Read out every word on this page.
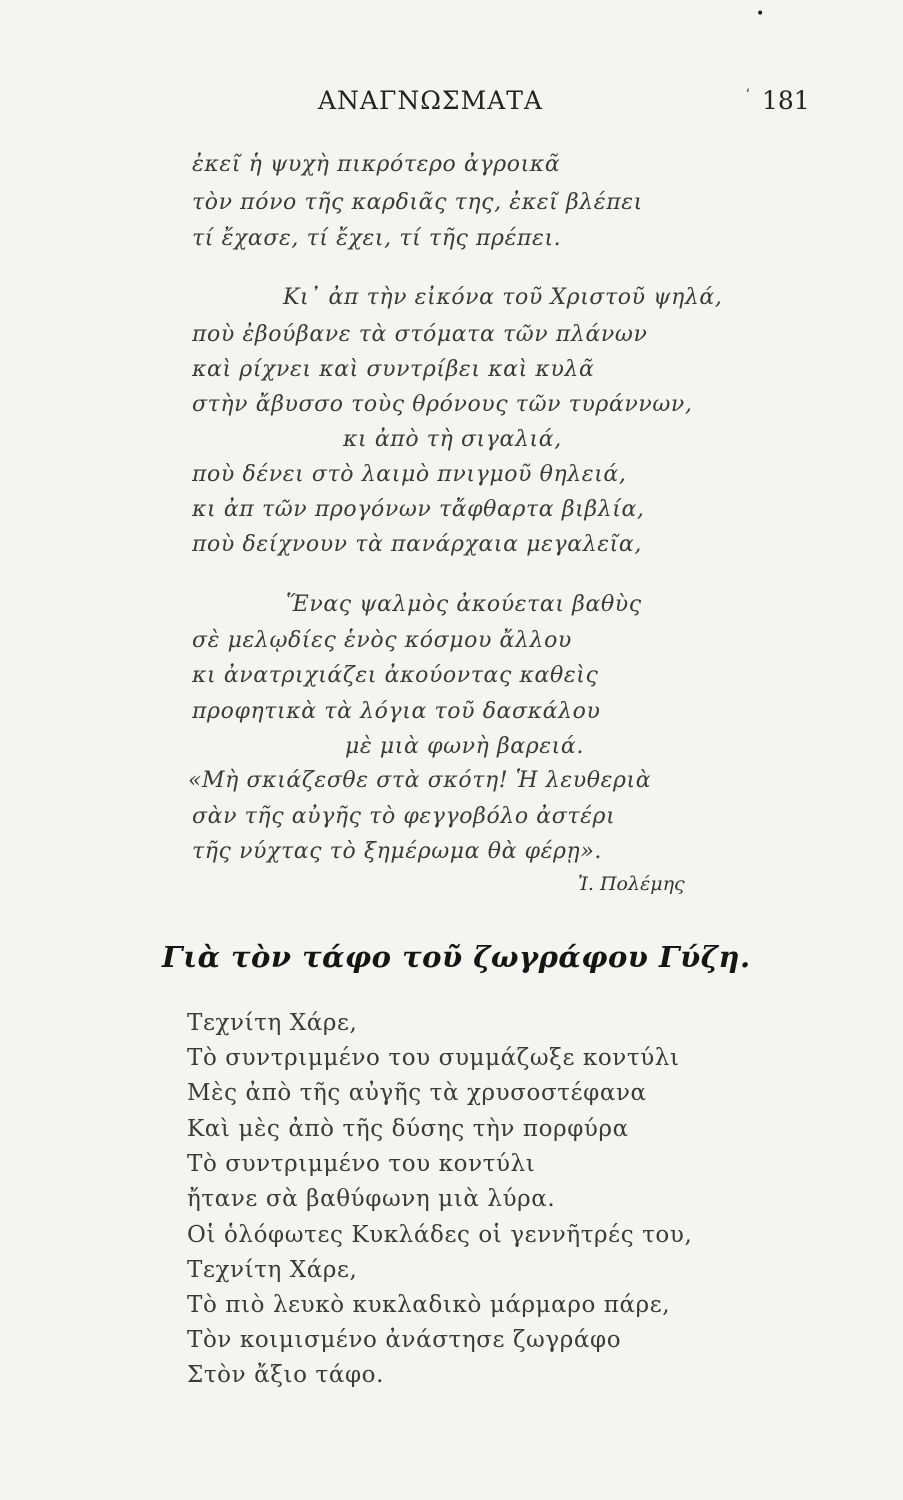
•
ΑΝΑΓΝΩΣΜΑΤΑ	ʹ 181
ἐκεῖ ἡ ψυχὴ πικρότερο ἀγροικᾶ
τὸν πόνο τῆς καρδιᾶς της, ἐκεῖ βλέπει
τί ἔχασε, τί ἔχει, τί τῆς πρέπει.
Κι᾽ ἀπ τὴν εἰκόνα τοῦ Χριστοῦ ψηλά,
ποὺ ἐβούβανε τὰ στόματα τῶν πλάνων
καὶ ρίχνει καὶ συντρίβει καὶ κυλᾶ
στὴν ἄβυσσο τοὺς θρόνους τῶν τυράννων,
κι ἀπὸ τὴ σιγαλιά,
ποὺ δένει στὸ λαιμὸ πνιγμοῦ θηλειά,
κι ἀπ τῶν προγόνων τἄφθαρτα βιβλία,
ποὺ δείχνουν τὰ πανάρχαια μεγαλεῖα,
Ἕνας ψαλμὸς ἀκούεται βαθὺς
σὲ μελῳδίες ἑνὸς κόσμου ἄλλου
κι ἀνατριχιάζει ἀκούοντας καθεὶς
προφητικὰ τὰ λόγια τοῦ δασκάλου
μὲ μιὰ φωνὴ βαρειά.
«Μὴ σκιάζεσθε στὰ σκότη! Ἡ λευθεριὰ
σὰν τῆς αὐγῆς τὸ φεγγοβόλο ἀστέρι
τῆς νύχτας τὸ ξημέρωμα θὰ φέρῃ».
Ἰ. Πολέμης
Γιὰ τὸν τάφο τοῦ ζωγράφου Γύζη.
Τεχνίτη Χάρε,
Τὸ συντριμμένο του συμμάζωξε κοντύλι
Μὲς ἀπὸ τῆς αὐγῆς τὰ χρυσοστέφανα
Καὶ μὲς ἀπὸ τῆς δύσης τὴν πορφύρα
Τὸ συντριμμένο του κοντύλι
ἤτανε σὰ βαθύφωνη μιὰ λύρα.
Οἱ ὁλόφωτες Κυκλάδες οἱ γεννῆτρές του,
Τεχνίτη Χάρε,
Τὸ πιὸ λευκὸ κυκλαδικὸ μάρμαρο πάρε,
Τὸν κοιμισμένο ἀνάστησε ζωγράφο
Στὸν ἄξιο τάφο.
